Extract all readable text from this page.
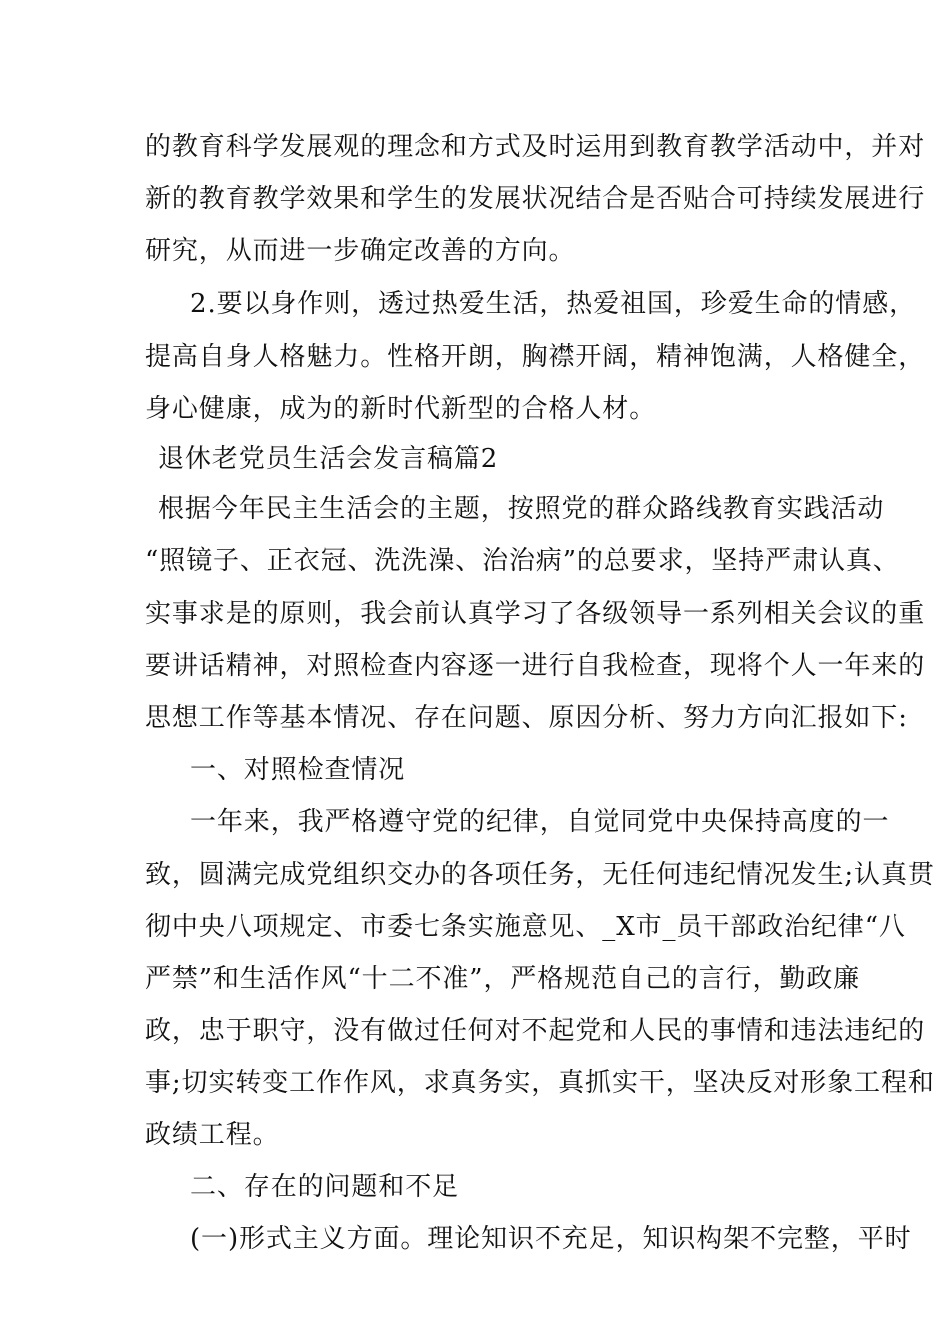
的教育科学发展观的理念和方式及时运用到教育教学活动中，并对
新的教育教学效果和学生的发展状况结合是否贴合可持续发展进行
研究，从而进一步确定改善的方向。
2.要以身作则，透过热爱生活，热爱祖国，珍爱生命的情感，
提高自身人格魅力。性格开朗，胸襟开阔，精神饱满，人格健全，
身心健康，成为的新时代新型的合格人材。
退休老党员生活会发言稿篇2
根据今年民主生活会的主题，按照党的群众路线教育实践活动
“照镜子、正衣冠、洗洗澡、治治病”的总要求，坚持严肃认真、
实事求是的原则，我会前认真学习了各级领导一系列相关会议的重
要讲话精神，对照检查内容逐一进行自我检查，现将个人一年来的
思想工作等基本情况、存在问题、原因分析、努力方向汇报如下:
一、对照检查情况
一年来，我严格遵守党的纪律，自觉同党中央保持高度的一
致，圆满完成党组织交办的各项任务，无任何违纪情况发生;认真贯
彻中央八项规定、市委七条实施意见、_X市_员干部政治纪律“八
严禁”和生活作风“十二不准”，严格规范自己的言行，勤政廉
政，忠于职守，没有做过任何对不起党和人民的事情和违法违纪的
事;切实转变工作作风，求真务实，真抓实干，坚决反对形象工程和
政绩工程。
二、存在的问题和不足
(一)形式主义方面。理论知识不充足，知识构架不完整，平时
